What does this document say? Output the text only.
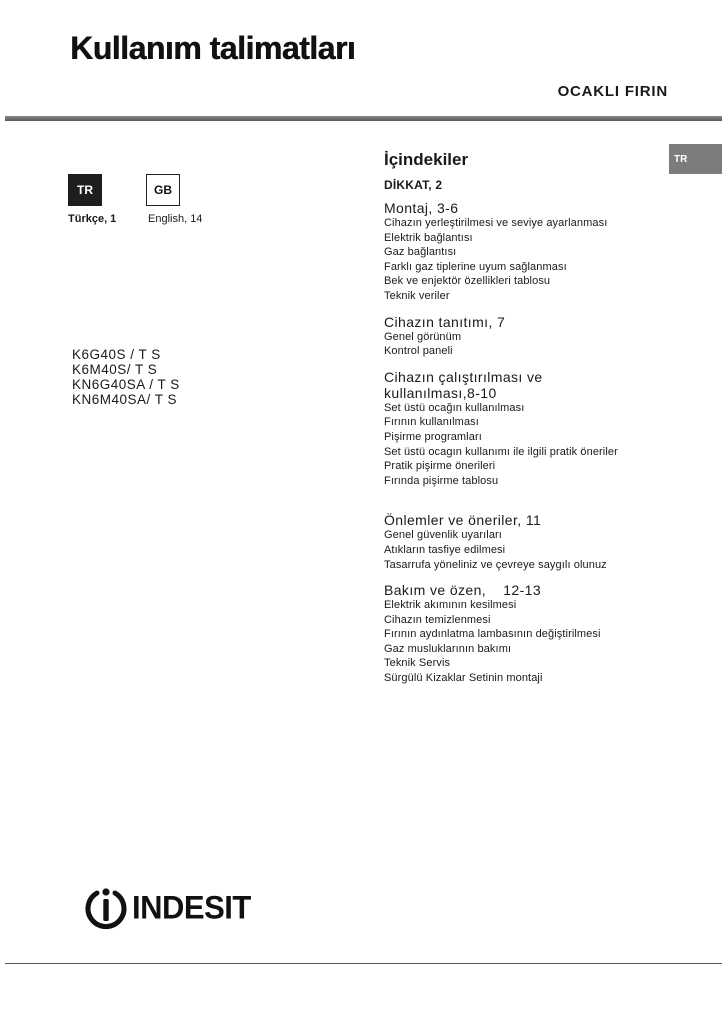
Kullanım talimatları
OCAKLI FIRIN
TR
TR	GB
Türkçe, 1	English, 14
K6G40S / T S
K6M40S/ T S
KN6G40SA / T S
KN6M40SA/ T S
İçindekiler
DİKKAT, 2
Montaj, 3-6
Cihazın yerleştirilmesi ve seviye ayarlanması
Elektrik bağlantısı
Gaz bağlantısı
Farklı gaz tiplerine uyum sağlanması
Bek ve enjektör özellikleri tablosu
Teknik veriler
Cihazın tanıtımı, 7
Genel görünüm
Kontrol paneli
Cihazın çalıştırılması ve
kullanılması,8-10
Set üstü ocağın kullanılması
Fırının kullanılması
Pişirme programları
Set üstü ocagın kullanımı ile ilgili pratik öneriler
Pratik pişirme önerileri
Fırında pişirme tablosu
Önlemler ve öneriler, 11
Genel güvenlik uyarıları
Atıkların tasfiye edilmesi
Tasarrufa yöneliniz ve çevreye saygılı olunuz
Bakım ve özen,    12-13
Elektrik akımının kesilmesi
Cihazın temizlenmesi
Fırının aydınlatma lambasının değiştirilmesi
Gaz musluklarının bakımı
Teknik Servis
Sürgülü Kizaklar Setinin montaji
INDESIT
